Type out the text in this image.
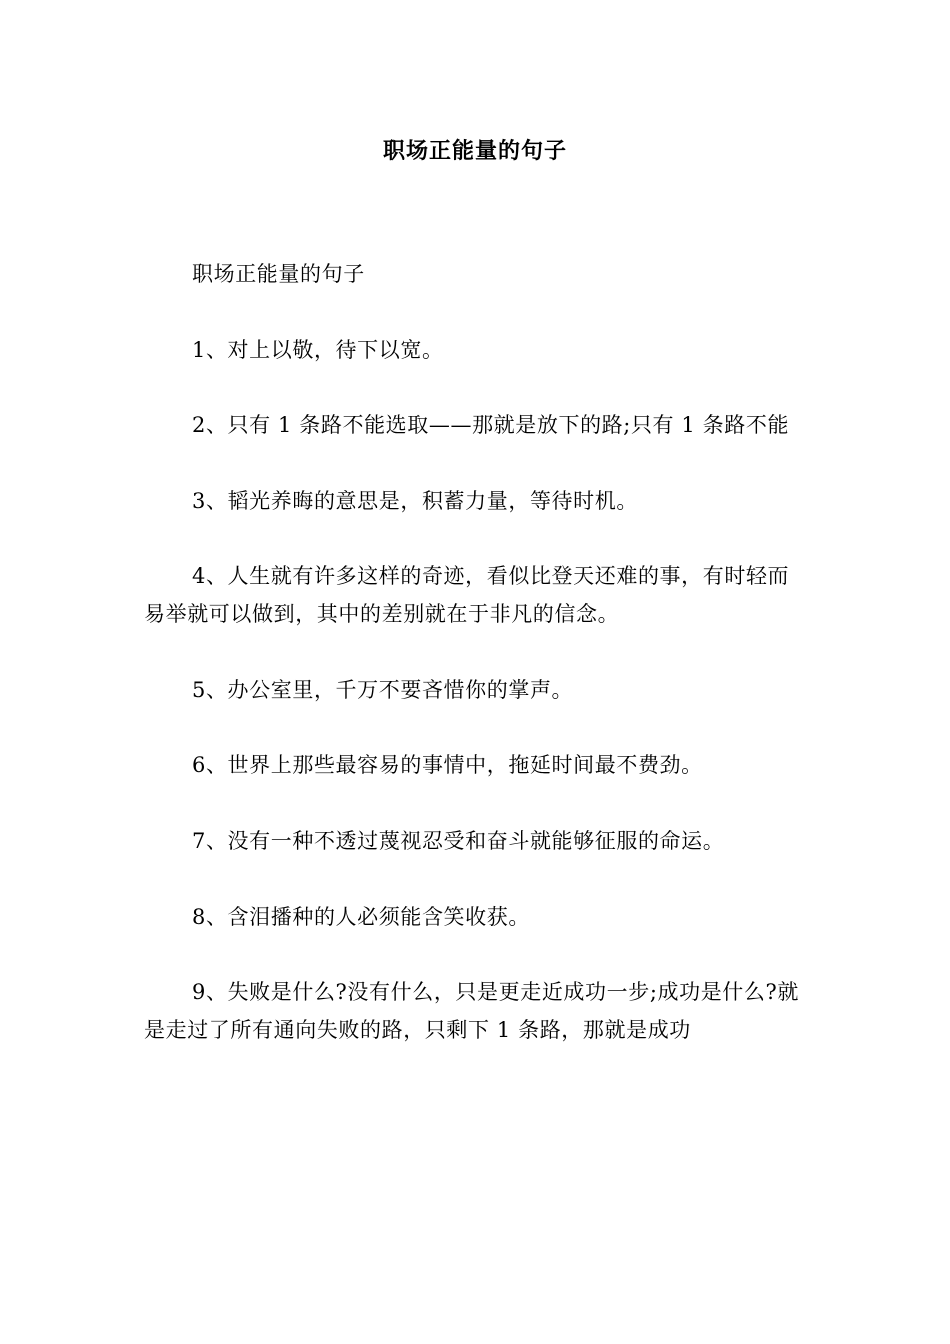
职场正能量的句子

职场正能量的句子

1、对上以敬，待下以宽。

2、只有 1 条路不能选取——那就是放下的路;只有 1 条路不能

3、韬光养晦的意思是，积蓄力量，等待时机。

4、人生就有许多这样的奇迹，看似比登天还难的事，有时轻而易举就可以做到，其中的差别就在于非凡的信念。

5、办公室里，千万不要吝惜你的掌声。

6、世界上那些最容易的事情中，拖延时间最不费劲。

7、没有一种不透过蔑视忍受和奋斗就能够征服的命运。

8、含泪播种的人必须能含笑收获。

9、失败是什么?没有什么，只是更走近成功一步;成功是什么?就是走过了所有通向失败的路，只剩下 1 条路，那就是成功
